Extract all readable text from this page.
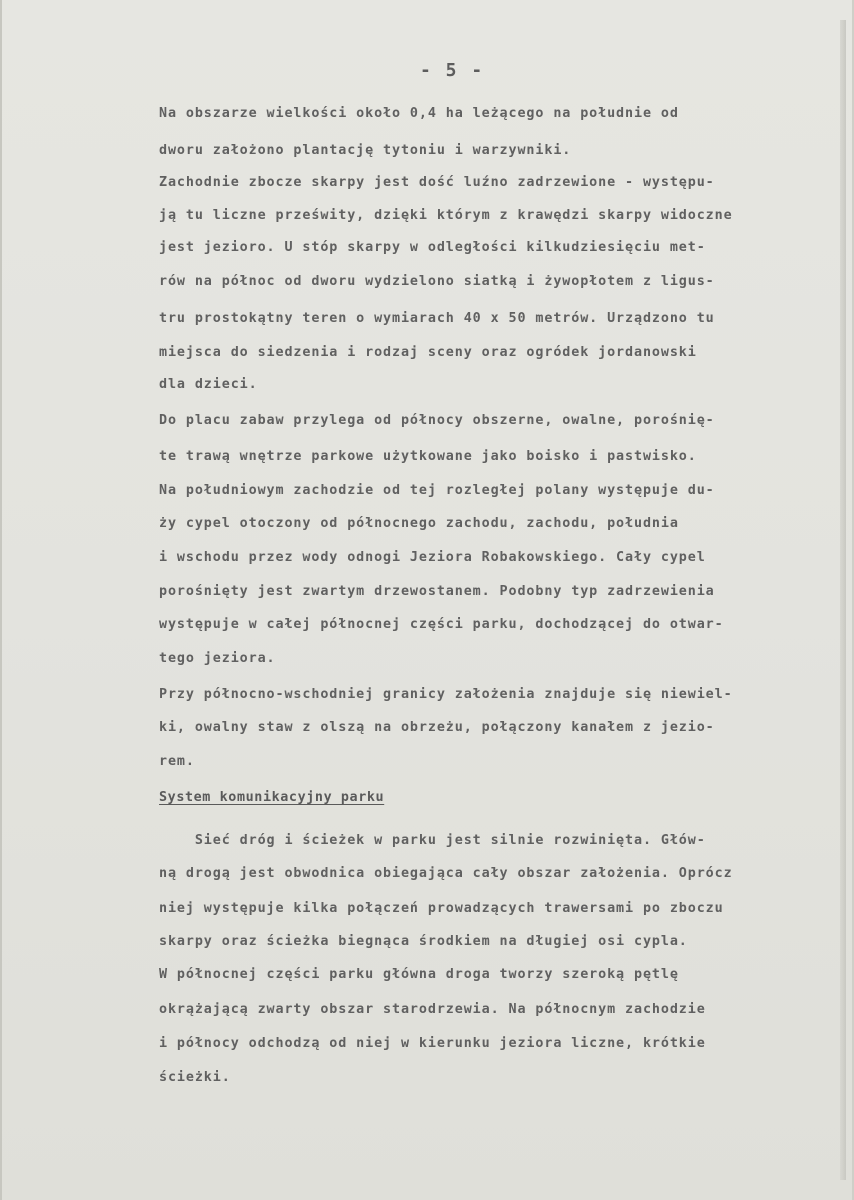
- 5 -
Na obszarze wielkości około 0,4 ha leżącego na południe od
dworu założono plantację tytoniu i warzywniki.
Zachodnie zbocze skarpy jest dość luźno zadrzewione - występu-
ją tu liczne prześwity, dzięki którym z krawędzi skarpy widoczne
jest jezioro. U stóp skarpy w odległości kilkudziesięciu met-
rów na północ od dworu wydzielono siatką i żywopłotem z ligus-
tru prostokątny teren o wymiarach 40 x 50 metrów. Urządzono tu
miejsca do siedzenia i rodzaj sceny oraz ogródek jordanowski
dla dzieci.
Do placu zabaw przylega od północy obszerne, owalne, porośnię-
te trawą wnętrze parkowe użytkowane jako boisko i pastwisko.
Na południowym zachodzie od tej rozległej polany występuje du-
ży cypel otoczony od północnego zachodu, zachodu, południa
i wschodu przez wody odnogi Jeziora Robakowskiego. Cały cypel
porośnięty jest zwartym drzewostanem. Podobny typ zadrzewienia
występuje w całej północnej części parku, dochodzącej do otwar-
tego jeziora.
Przy północno-wschodniej granicy założenia znajduje się niewiel-
ki, owalny staw z olszą na obrzeżu, połączony kanałem z jezio-
rem.
System komunikacyjny parku
Sieć dróg i ścieżek w parku jest silnie rozwinięta. Głów-
ną drogą jest obwodnica obiegająca cały obszar założenia. Oprócz
niej występuje kilka połączeń prowadzących trawersami po zboczu
skarpy oraz ścieżka biegnąca środkiem na długiej osi cypla.
W północnej części parku główna droga tworzy szeroką pętlę
okrążającą zwarty obszar starodrzewia. Na północnym zachodzie
i północy odchodzą od niej w kierunku jeziora liczne, krótkie
ścieżki.
